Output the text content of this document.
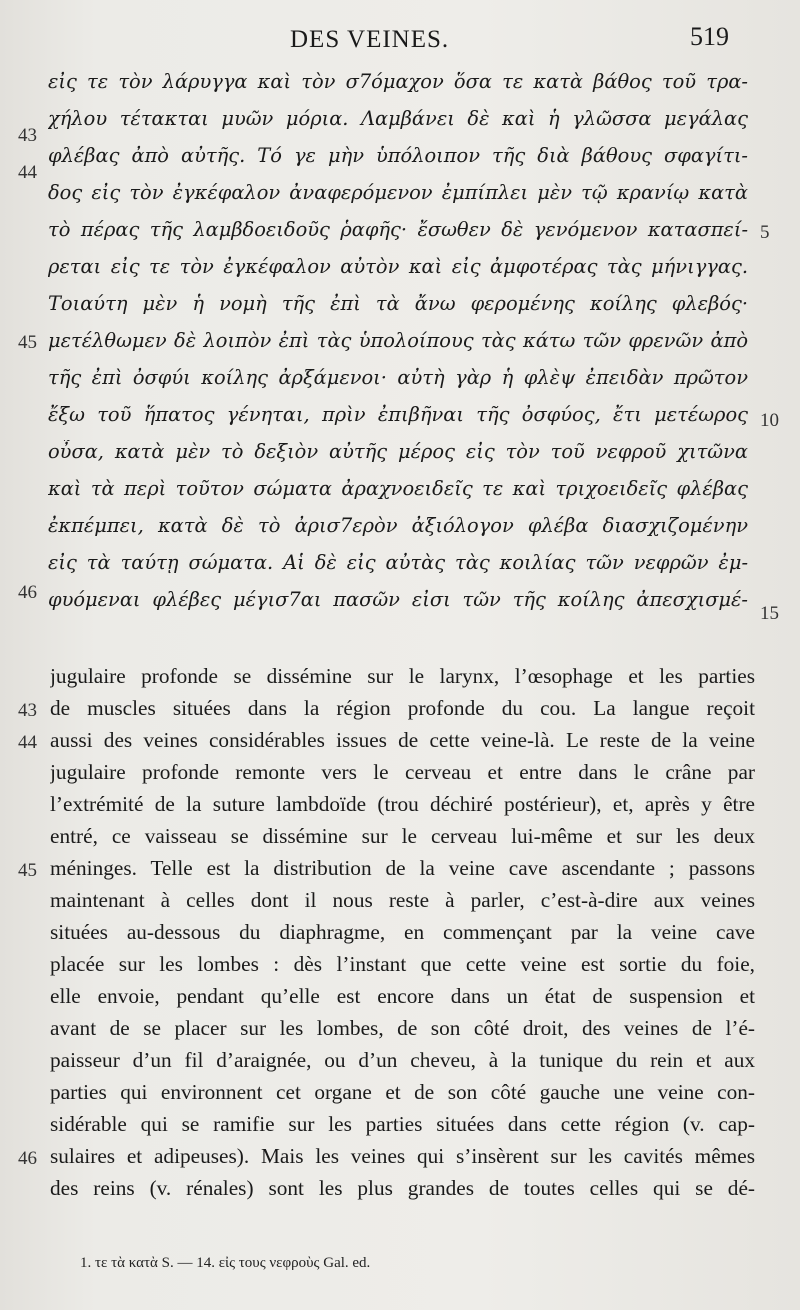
DES VEINES.	519
εἰς τε τὸν λάρυγγα καὶ τὸν σ7όμαχον ὅσα τε κατὰ βάθος τοῦ τρα-
χήλου τέτακται μυῶν μόρια. Λαμβάνει δὲ καὶ ἡ γλῶσσα μεγάλας
φλέβας ἀπὸ αὐτῆς. Τό γε μὴν ὑπόλοιπον τῆς διὰ βάθους σφαγίτι-
δος εἰς τὸν ἐγκέφαλον ἀναφερόμενον ἐμπίπλει μὲν τῷ κρανίῳ κατὰ
τὸ πέρας τῆς λαμβδοειδοῦς ῥαφῆς· ἔσωθεν δὲ γενόμενον κατασπεί-
ρεται εἰς τε τὸν ἐγκέφαλον αὐτὸν καὶ εἰς ἀμφοτέρας τὰς μήνιγγας.
Τοιαύτη μὲν ἡ νομὴ τῆς ἐπὶ τὰ ἄνω φερομένης κοίλης φλεβός·
μετέλθωμεν δὲ λοιπὸν ἐπὶ τὰς ὑπολοίπους τὰς κάτω τῶν φρενῶν ἀπὸ
τῆς ἐπὶ ὀσφύι κοίλης ἀρξάμενοι· αὐτὴ γὰρ ἡ φλὲψ ἐπειδὰν πρῶτον
ἔξω τοῦ ἥπατος γένηται, πρὶν ἐπιβῆναι τῆς ὀσφύος, ἔτι μετέωρος
οὖσα, κατὰ μὲν τὸ δεξιὸν αὐτῆς μέρος εἰς τὸν τοῦ νεφροῦ χιτῶνα
καὶ τὰ περὶ τοῦτον σώματα ἀραχνοειδεῖς τε καὶ τριχοειδεῖς φλέβας
ἐκπέμπει, κατὰ δὲ τὸ ἀρισ7ερὸν ἀξιόλογον φλέβα διασχιζομένην
εἰς τὰ ταύτῃ σώματα. Αἱ δὲ εἰς αὐτὰς τὰς κοιλίας τῶν νεφρῶν ἐμ-
φυόμεναι φλέβες μέγισ7αι πασῶν εἰσι τῶν τῆς κοίλης ἀπεσχισμέ-
43
44
45
46
5
10
15
jugulaire profonde se dissémine sur le larynx, l’œsophage et les parties
de muscles situées dans la région profonde du cou. La langue reçoit
aussi des veines considérables issues de cette veine-là. Le reste de la veine
jugulaire profonde remonte vers le cerveau et entre dans le crâne par
l’extrémité de la suture lambdoïde (trou déchiré postérieur), et, après y être
entré, ce vaisseau se dissémine sur le cerveau lui-même et sur les deux
méninges. Telle est la distribution de la veine cave ascendante ; passons
maintenant à celles dont il nous reste à parler, c’est-à-dire aux veines
situées au-dessous du diaphragme, en commençant par la veine cave
placée sur les lombes : dès l’instant que cette veine est sortie du foie,
elle envoie, pendant qu’elle est encore dans un état de suspension et
avant de se placer sur les lombes, de son côté droit, des veines de l’é-
paisseur d’un fil d’araignée, ou d’un cheveu, à la tunique du rein et aux
parties qui environnent cet organe et de son côté gauche une veine con-
sidérable qui se ramifie sur les parties situées dans cette région (v. cap-
sulaires et adipeuses). Mais les veines qui s’insèrent sur les cavités mêmes
des reins (v. rénales) sont les plus grandes de toutes celles qui se dé-
43
44
45
46
1. τε τὰ κατὰ S. — 14. εἰς τους νεφροὺς Gal. ed.
